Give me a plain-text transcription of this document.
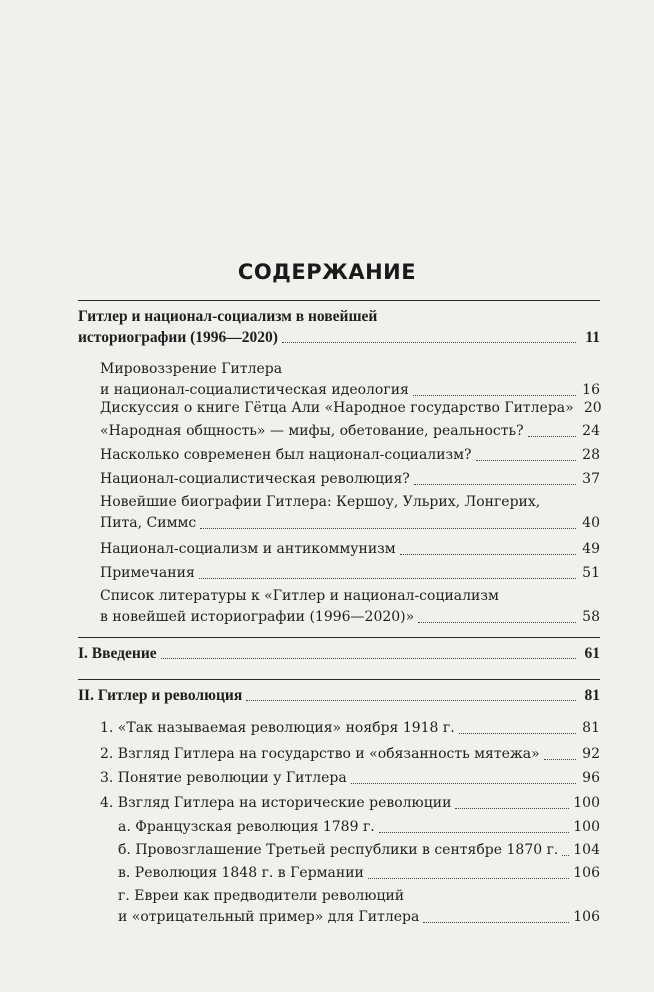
СОДЕРЖАНИЕ
Гитлер и национал-социализм в новейшей
историографии (1996—2020)	11
Мировоззрение Гитлера
и национал-социалистическая идеология	16
Дискуссия о книге Гётца Али «Народное государство Гитлера» 20
«Народная общность» — мифы, обетование, реальность?	24
Насколько современен был национал-социализм?	28
Национал-социалистическая революция?	37
Новейшие биографии Гитлера: Кершоу, Ульрих, Лонгерих,
Пита, Симмс	40
Национал-социализм и антикоммунизм	49
Примечания	51
Список литературы к «Гитлер и национал-социализм
в новейшей историографии (1996—2020)»	58
I. Введение	61
II. Гитлер и революция	81
1. «Так называемая революция» ноября 1918 г.	81
2. Взгляд Гитлера на государство и «обязанность мятежа»	92
3. Понятие революции у Гитлера	96
4. Взгляд Гитлера на исторические революции	100
а. Французская революция 1789 г.	100
б. Провозглашение Третьей республики в сентябре 1870 г. 104
в. Революция 1848 г. в Германии	106
г. Евреи как предводители революций
и «отрицательный пример» для Гитлера	106
